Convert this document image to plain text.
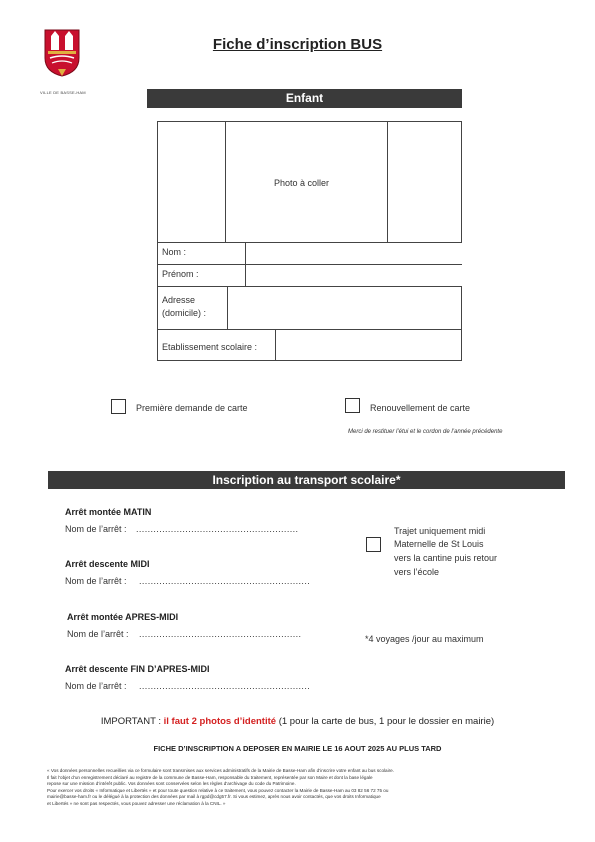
VILLE DE BASSE-HAM
Fiche d’inscription BUS
Enfant
Photo à coller
Nom :
Prénom :
Adresse
(domicile) :
Etablissement scolaire :
Première demande de carte	Renouvellement de carte
Merci de restituer l’étui et le cordon de l’année précédente
Inscription au transport scolaire*
Arrêt montée MATIN
Nom de l’arrêt : ........................................................
Arrêt descente MIDI
Nom de l’arrêt : ...........................................................
Arrêt montée APRES-MIDI
Nom de l’arrêt : ........................................................
Arrêt descente FIN D’APRES-MIDI
Nom de l’arrêt : ...........................................................
Trajet uniquement midi
Maternelle de St Louis
vers la cantine puis retour
vers l’école
*4 voyages /jour au maximum
IMPORTANT : il faut 2 photos d’identité (1 pour la carte de bus, 1 pour le dossier en mairie)
FICHE D’INSCRIPTION A DEPOSER EN MAIRIE LE 16 AOUT 2025 AU PLUS TARD
« Vos données personnelles recueillies via ce formulaire sont transmises aux services administratifs de la Mairie de Basse-Ham afin d’inscrire votre enfant au bus scolaire.
Il fait l’objet d’un enregistrement déclaré au registre de la commune de Basse-Ham, responsable du traitement, représentée par son Maire et dont la base légale
repose sur une mission d’intérêt public. Vos données sont conservées selon les règles d’archivage du code du Patrimoine.
Pour exercer vos droits « Informatique et Libertés » et pour toute question relative à ce traitement, vous pouvez contacter la Mairie de Basse-Ham au 03 82 56 72 75 ou
mairie@basse-ham.fr ou le délégué à la protection des données par mail à rgpd@cdg57.fr. Si vous estimez, après nous avoir contactés, que vos droits Informatique
et Libertés » ne sont pas respectés, vous pouvez adresser une réclamation à la CNIL. »
